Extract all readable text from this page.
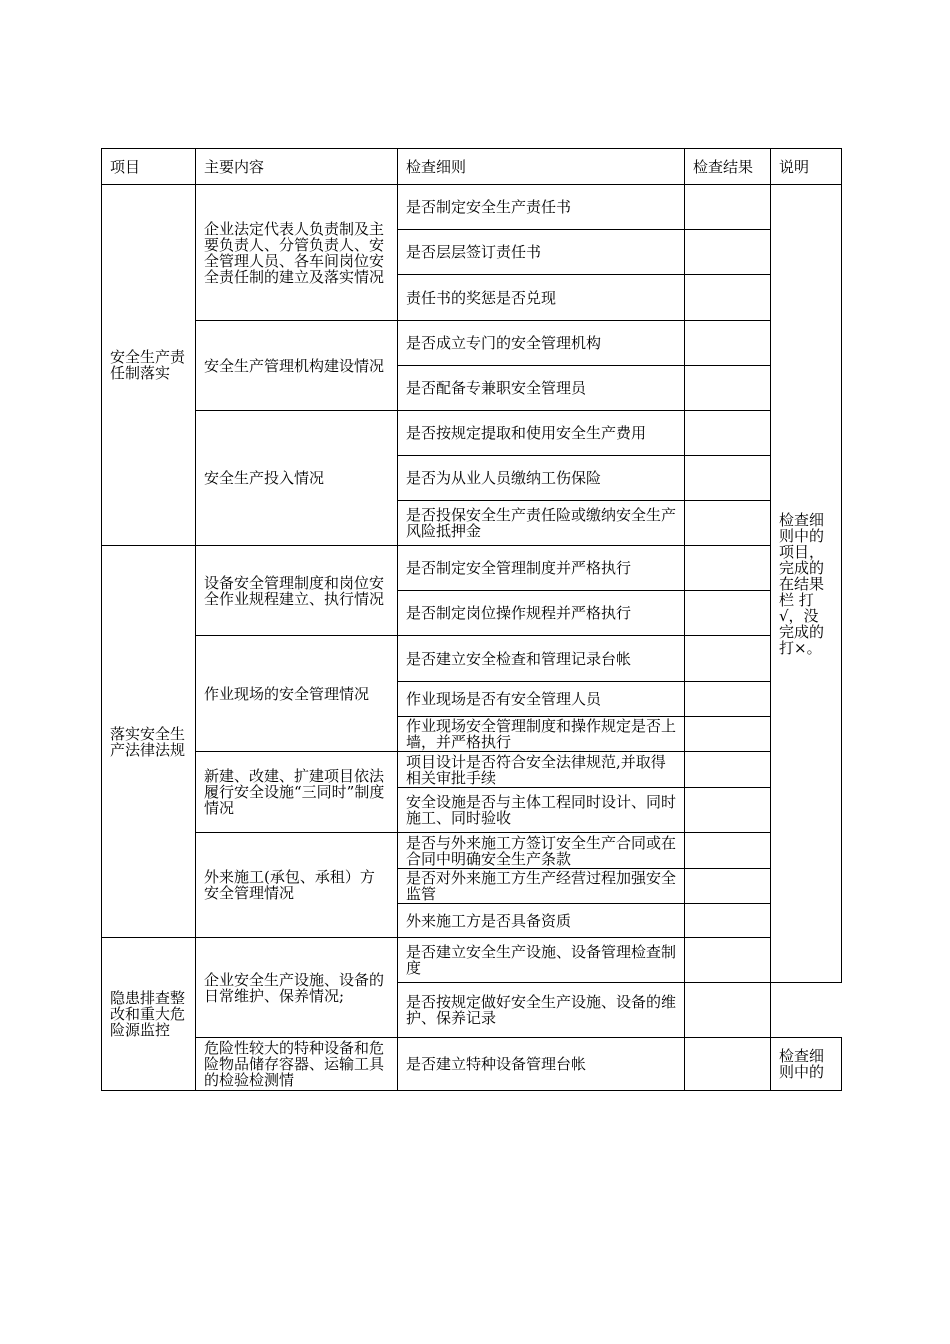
项目	主要内容	检查细则	检查结果	说明
安全生产责任制落实	企业法定代表人负责制及主要负责人、分管负责人、安全管理人员、各车间岗位安全责任制的建立及落实情况	是否制定安全生产责任书		检查细则中的项目，完成的在结果栏 打√，没完成的打×。
		是否层层签订责任书		
		责任书的奖惩是否兑现		
	安全生产管理机构建设情况	是否成立专门的安全管理机构		
		是否配备专兼职安全管理员		
	安全生产投入情况	是否按规定提取和使用安全生产费用		
		是否为从业人员缴纳工伤保险		
		是否投保安全生产责任险或缴纳安全生产风险抵押金		
落实安全生产法律法规	设备安全管理制度和岗位安全作业规程建立、执行情况	是否制定安全管理制度并严格执行		
		是否制定岗位操作规程并严格执行		
	作业现场的安全管理情况	是否建立安全检查和管理记录台帐		
		作业现场是否有安全管理人员		
		作业现场安全管理制度和操作规定是否上墙，并严格执行		
	新建、改建、扩建项目依法履行安全设施“三同时”制度情况	项目设计是否符合安全法律规范,并取得相关审批手续		
		安全设施是否与主体工程同时设计、同时施工、同时验收		
	外来施工(承包、承租）方安全管理情况	是否与外来施工方签订安全生产合同或在合同中明确安全生产条款		
		是否对外来施工方生产经营过程加强安全监管		
		外来施工方是否具备资质		
隐患排查整改和重大危险源监控	企业安全生产设施、设备的日常维护、保养情况;	是否建立安全生产设施、设备管理检查制度		
		是否按规定做好安全生产设施、设备的维护、保养记录		
	危险性较大的特种设备和危险物品储存容器、运输工具的检验检测情	是否建立特种设备管理台帐		检查细则中的
